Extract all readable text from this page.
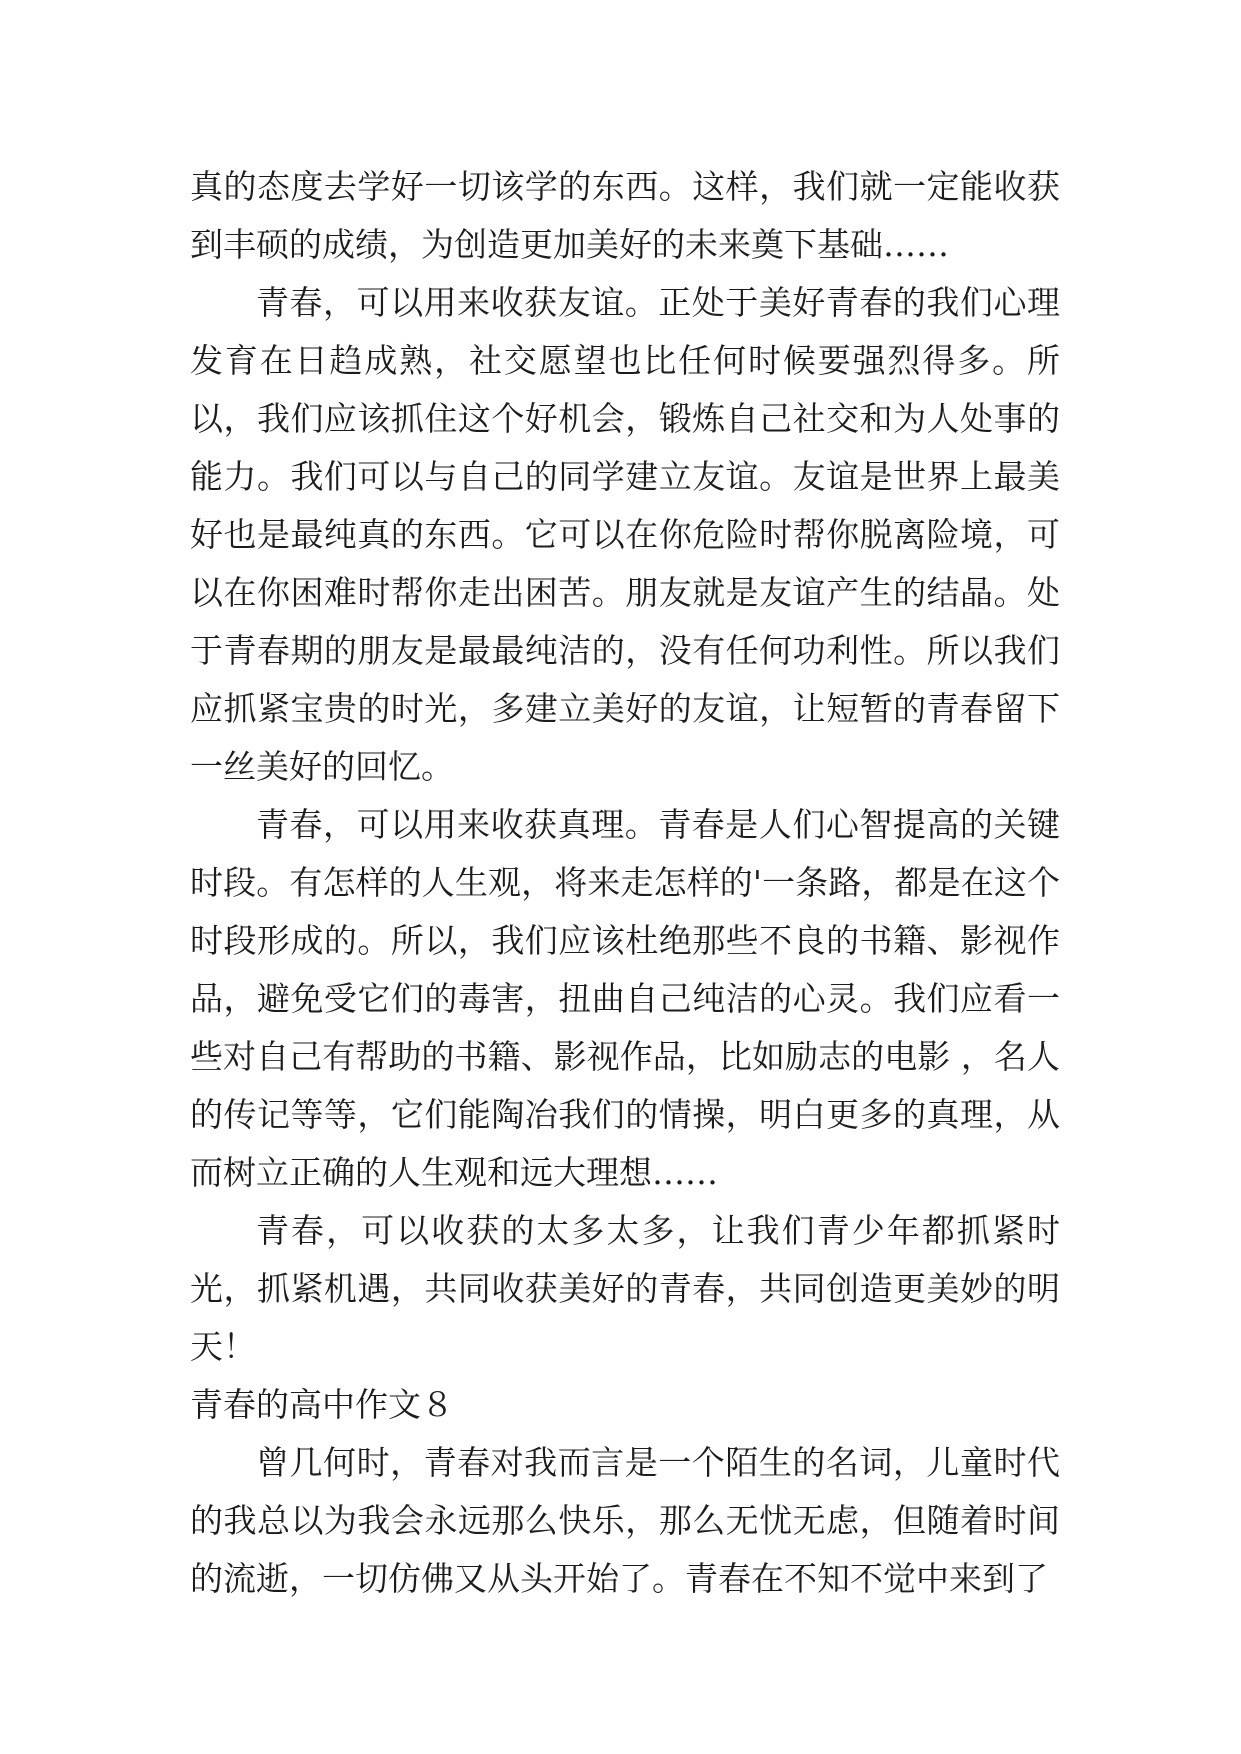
真的态度去学好一切该学的东西。这样，我们就一定能收获到丰硕的成绩，为创造更加美好的未来奠下基础……

青春，可以用来收获友谊。正处于美好青春的我们心理发育在日趋成熟，社交愿望也比任何时候要强烈得多。所以，我们应该抓住这个好机会，锻炼自己社交和为人处事的能力。我们可以与自己的同学建立友谊。友谊是世界上最美好也是最纯真的东西。它可以在你危险时帮你脱离险境，可以在你困难时帮你走出困苦。朋友就是友谊产生的结晶。处于青春期的朋友是最最纯洁的，没有任何功利性。所以我们应抓紧宝贵的时光，多建立美好的友谊，让短暂的青春留下一丝美好的回忆。

青春，可以用来收获真理。青春是人们心智提高的关键时段。有怎样的人生观，将来走怎样的'一条路，都是在这个时段形成的。所以，我们应该杜绝那些不良的书籍、影视作品，避免受它们的毒害，扭曲自己纯洁的心灵。我们应看一些对自己有帮助的书籍、影视作品，比如励志的电影 ，名人的传记等等，它们能陶冶我们的情操，明白更多的真理，从而树立正确的人生观和远大理想……

青春，可以收获的太多太多，让我们青少年都抓紧时光，抓紧机遇，共同收获美好的青春，共同创造更美妙的明天！

青春的高中作文８

曾几何时，青春对我而言是一个陌生的名词，儿童时代的我总以为我会永远那么快乐，那么无忧无虑，但随着时间的流逝，一切仿佛又从头开始了。青春在不知不觉中来到了
